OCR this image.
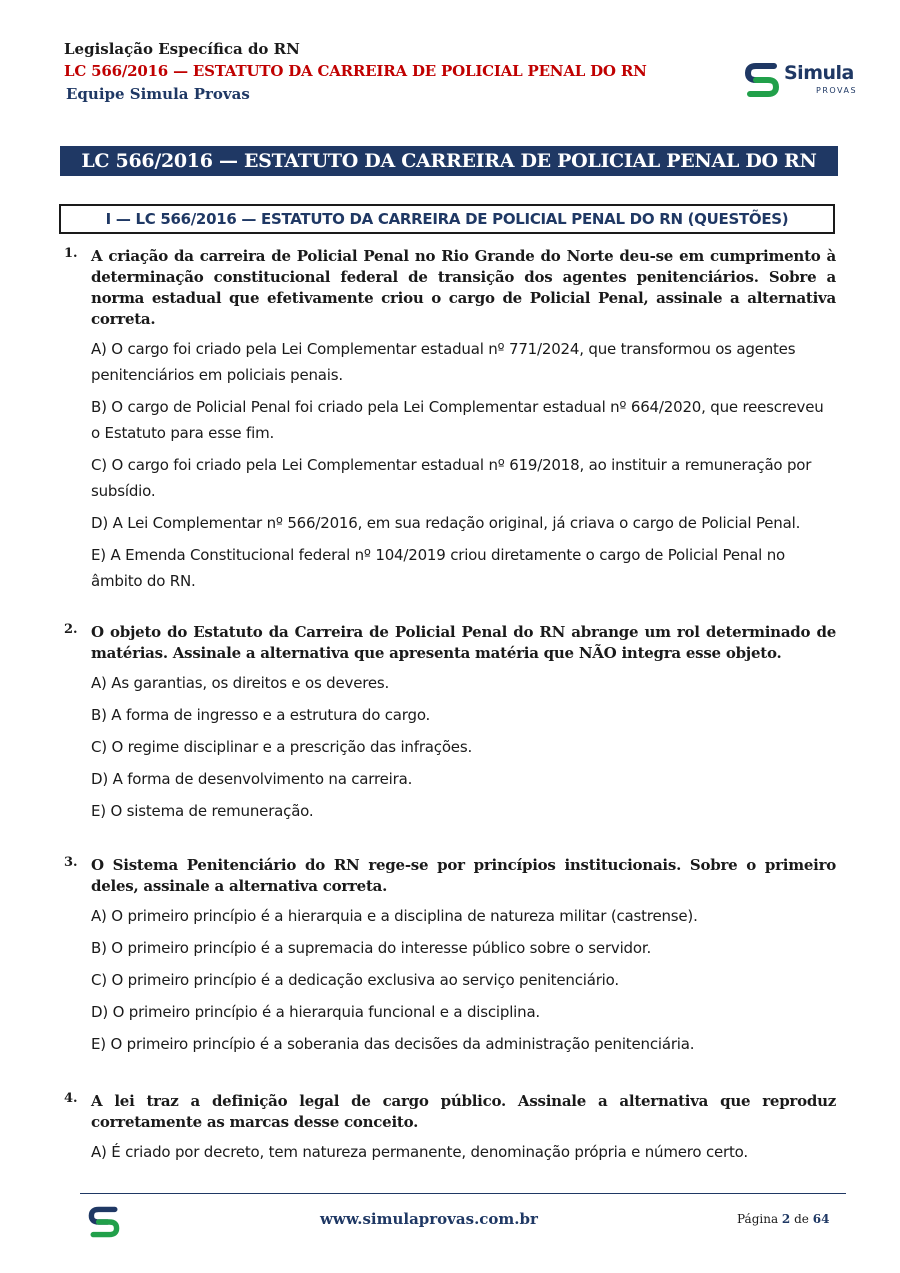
Legislação Específica do RN
LC 566/2016 — ESTATUTO DA CARREIRA DE POLICIAL PENAL DO RN
Equipe Simula Provas
Simula
PROVAS
LC 566/2016 — ESTATUTO DA CARREIRA DE POLICIAL PENAL DO RN
I — LC 566/2016 — ESTATUTO DA CARREIRA DE POLICIAL PENAL DO RN (QUESTÕES)
1. A criação da carreira de Policial Penal no Rio Grande do Norte deu-se em cumprimento à determinação constitucional federal de transição dos agentes penitenciários. Sobre a norma estadual que efetivamente criou o cargo de Policial Penal, assinale a alternativa correta.
A) O cargo foi criado pela Lei Complementar estadual nº 771/2024, que transformou os agentes penitenciários em policiais penais.
B) O cargo de Policial Penal foi criado pela Lei Complementar estadual nº 664/2020, que reescreveu o Estatuto para esse fim.
C) O cargo foi criado pela Lei Complementar estadual nº 619/2018, ao instituir a remuneração por subsídio.
D) A Lei Complementar nº 566/2016, em sua redação original, já criava o cargo de Policial Penal.
E) A Emenda Constitucional federal nº 104/2019 criou diretamente o cargo de Policial Penal no âmbito do RN.
2. O objeto do Estatuto da Carreira de Policial Penal do RN abrange um rol determinado de matérias. Assinale a alternativa que apresenta matéria que NÃO integra esse objeto.
A) As garantias, os direitos e os deveres.
B) A forma de ingresso e a estrutura do cargo.
C) O regime disciplinar e a prescrição das infrações.
D) A forma de desenvolvimento na carreira.
E) O sistema de remuneração.
3. O Sistema Penitenciário do RN rege-se por princípios institucionais. Sobre o primeiro deles, assinale a alternativa correta.
A) O primeiro princípio é a hierarquia e a disciplina de natureza militar (castrense).
B) O primeiro princípio é a supremacia do interesse público sobre o servidor.
C) O primeiro princípio é a dedicação exclusiva ao serviço penitenciário.
D) O primeiro princípio é a hierarquia funcional e a disciplina.
E) O primeiro princípio é a soberania das decisões da administração penitenciária.
4. A lei traz a definição legal de cargo público. Assinale a alternativa que reproduz corretamente as marcas desse conceito.
A) É criado por decreto, tem natureza permanente, denominação própria e número certo.
www.simulaprovas.com.br	Página 2 de 64
